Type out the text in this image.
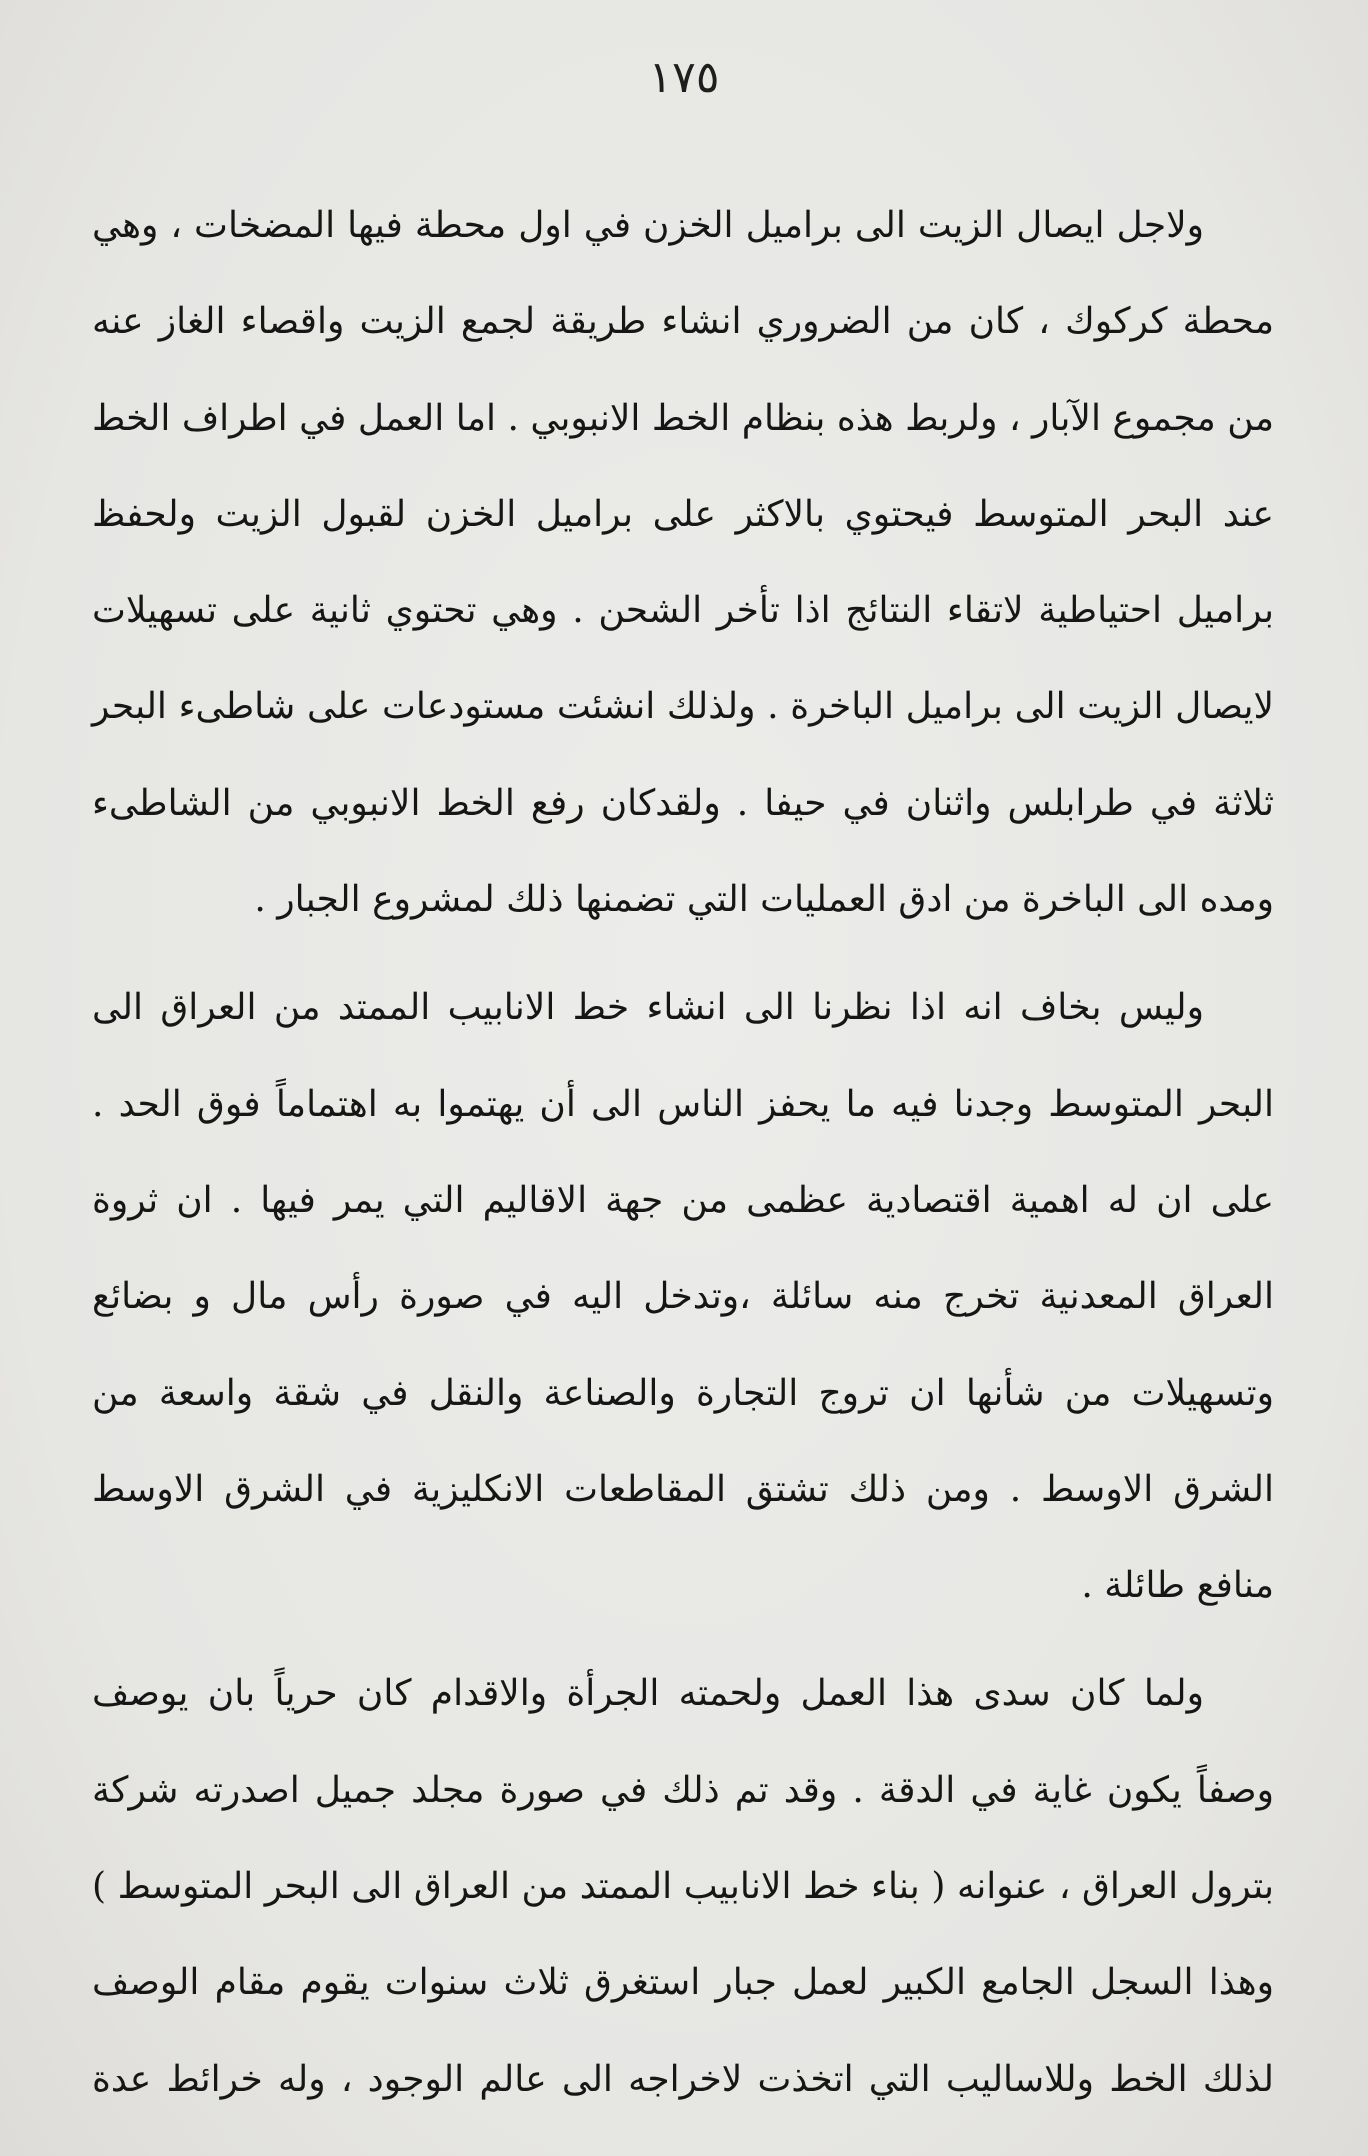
١٧٥

ولاجل ايصال الزيت الى براميل الخزن في اول محطة فيها المضخات ، وهي محطة كركوك ، كان من الضروري انشاء طريقة لجمع الزيت واقصاء الغاز عنه من مجموع الآبار ، ولربط هذه بنظام الخط الانبوبي . اما العمل في اطراف الخط عند البحر المتوسط فيحتوي بالاكثر على براميل الخزن لقبول الزيت ولحفظ براميل احتياطية لاتقاء النتائج اذا تأخر الشحن . وهي تحتوي ثانية على تسهيلات لايصال الزيت الى براميل الباخرة . ولذلك انشئت مستودعات على شاطىء البحر ثلاثة في طرابلس واثنان في حيفا . ولقدكان رفع الخط الانبوبي من الشاطىء ومده الى الباخرة من ادق العمليات التي تضمنها ذلك لمشروع الجبار .

وليس بخاف انه اذا نظرنا الى انشاء خط الانابيب الممتد من العراق الى البحر المتوسط وجدنا فيه ما يحفز الناس الى أن يهتموا به اهتماماً فوق الحد . على ان له اهمية اقتصادية عظمى من جهة الاقاليم التي يمر فيها . ان ثروة العراق المعدنية تخرج منه سائلة ،وتدخل اليه في صورة رأس مال و بضائع وتسهيلات من شأنها ان تروج التجارة والصناعة والنقل في شقة واسعة من الشرق الاوسط . ومن ذلك تشتق المقاطعات الانكليزية في الشرق الاوسط منافع طائلة .

ولما كان سدى هذا العمل ولحمته الجرأة والاقدام كان حرياً بان يوصف وصفاً يكون غاية في الدقة . وقد تم ذلك في صورة مجلد جميل اصدرته شركة بترول العراق ، عنوانه ( بناء خط الانابيب الممتد من العراق الى البحر المتوسط ) وهذا السجل الجامع الكبير لعمل جبار استغرق ثلاث سنوات يقوم مقام الوصف لذلك الخط وللاساليب التي اتخذت لاخراجه الى عالم الوجود ، وله خرائط عدة
